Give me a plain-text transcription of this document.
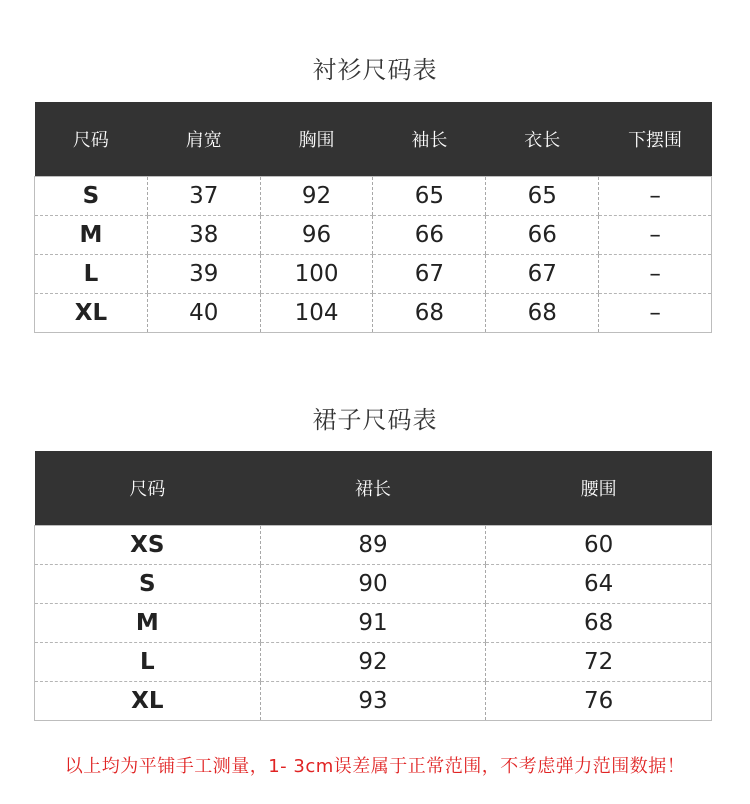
衬衫尺码表
尺码	肩宽	胸围	袖长	衣长	下摆围
S	37	92	65	65	–
M	38	96	66	66	–
L	39	100	67	67	–
XL	40	104	68	68	–
裙子尺码表
尺码	裙长	腰围
XS	89	60
S	90	64
M	91	68
L	92	72
XL	93	76
以上均为平铺手工测量，1- 3cm误差属于正常范围，不考虑弹力范围数据！
